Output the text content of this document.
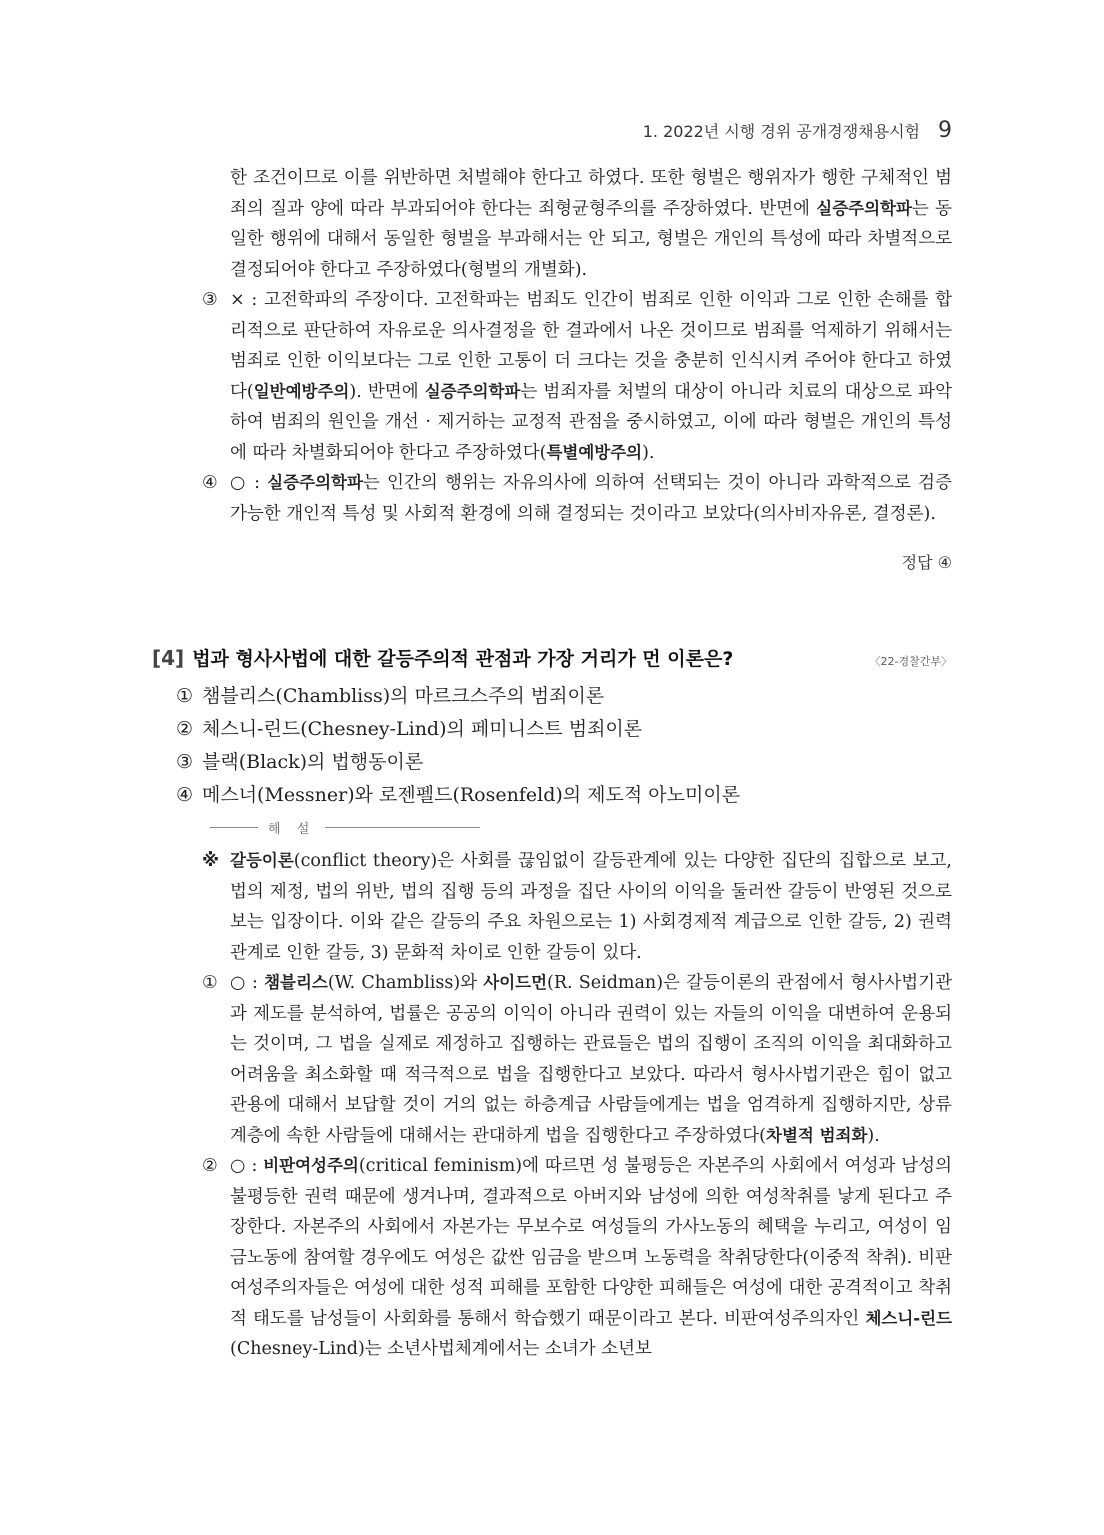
1. 2022년 시행 경위 공개경쟁채용시험 9
한 조건이므로 이를 위반하면 처벌해야 한다고 하였다. 또한 형벌은 행위자가 행한 구체적인 범죄의 질과 양에 따라 부과되어야 한다는 죄형균형주의를 주장하였다. 반면에 실증주의학파는 동일한 행위에 대해서 동일한 형벌을 부과해서는 안 되고, 형벌은 개인의 특성에 따라 차별적으로 결정되어야 한다고 주장하였다(형벌의 개별화).
③ × : 고전학파의 주장이다. 고전학파는 범죄도 인간이 범죄로 인한 이익과 그로 인한 손해를 합리적으로 판단하여 자유로운 의사결정을 한 결과에서 나온 것이므로 범죄를 억제하기 위해서는 범죄로 인한 이익보다는 그로 인한 고통이 더 크다는 것을 충분히 인식시켜 주어야 한다고 하였다(일반예방주의). 반면에 실증주의학파는 범죄자를 처벌의 대상이 아니라 치료의 대상으로 파악하여 범죄의 원인을 개선 · 제거하는 교정적 관점을 중시하였고, 이에 따라 형벌은 개인의 특성에 따라 차별화되어야 한다고 주장하였다(특별예방주의).
④ ○ : 실증주의학파는 인간의 행위는 자유의사에 의하여 선택되는 것이 아니라 과학적으로 검증 가능한 개인적 특성 및 사회적 환경에 의해 결정되는 것이라고 보았다(의사비자유론, 결정론).
정답 ④
[4] 법과 형사사법에 대한 갈등주의적 관점과 가장 거리가 먼 이론은?	〈22-경찰간부〉
① 챔블리스(Chambliss)의 마르크스주의 범죄이론
② 체스니-린드(Chesney-Lind)의 페미니스트 범죄이론
③ 블랙(Black)의 법행동이론
④ 메스너(Messner)와 로젠펠드(Rosenfeld)의 제도적 아노미이론
해 설
※ 갈등이론(conflict theory)은 사회를 끊임없이 갈등관계에 있는 다양한 집단의 집합으로 보고, 법의 제정, 법의 위반, 법의 집행 등의 과정을 집단 사이의 이익을 둘러싼 갈등이 반영된 것으로 보는 입장이다. 이와 같은 갈등의 주요 차원으로는 1) 사회경제적 계급으로 인한 갈등, 2) 권력관계로 인한 갈등, 3) 문화적 차이로 인한 갈등이 있다.
① ○ : 챔블리스(W. Chambliss)와 사이드먼(R. Seidman)은 갈등이론의 관점에서 형사사법기관과 제도를 분석하여, 법률은 공공의 이익이 아니라 권력이 있는 자들의 이익을 대변하여 운용되는 것이며, 그 법을 실제로 제정하고 집행하는 관료들은 법의 집행이 조직의 이익을 최대화하고 어려움을 최소화할 때 적극적으로 법을 집행한다고 보았다. 따라서 형사사법기관은 힘이 없고 관용에 대해서 보답할 것이 거의 없는 하층계급 사람들에게는 법을 엄격하게 집행하지만, 상류계층에 속한 사람들에 대해서는 관대하게 법을 집행한다고 주장하였다(차별적 범죄화).
② ○ : 비판여성주의(critical feminism)에 따르면 성 불평등은 자본주의 사회에서 여성과 남성의 불평등한 권력 때문에 생겨나며, 결과적으로 아버지와 남성에 의한 여성착취를 낳게 된다고 주장한다. 자본주의 사회에서 자본가는 무보수로 여성들의 가사노동의 혜택을 누리고, 여성이 임금노동에 참여할 경우에도 여성은 값싼 임금을 받으며 노동력을 착취당한다(이중적 착취). 비판여성주의자들은 여성에 대한 성적 피해를 포함한 다양한 피해들은 여성에 대한 공격적이고 착취적 태도를 남성들이 사회화를 통해서 학습했기 때문이라고 본다. 비판여성주의자인 체스니-린드(Chesney-Lind)는 소년사법체계에서는 소녀가 소년보
